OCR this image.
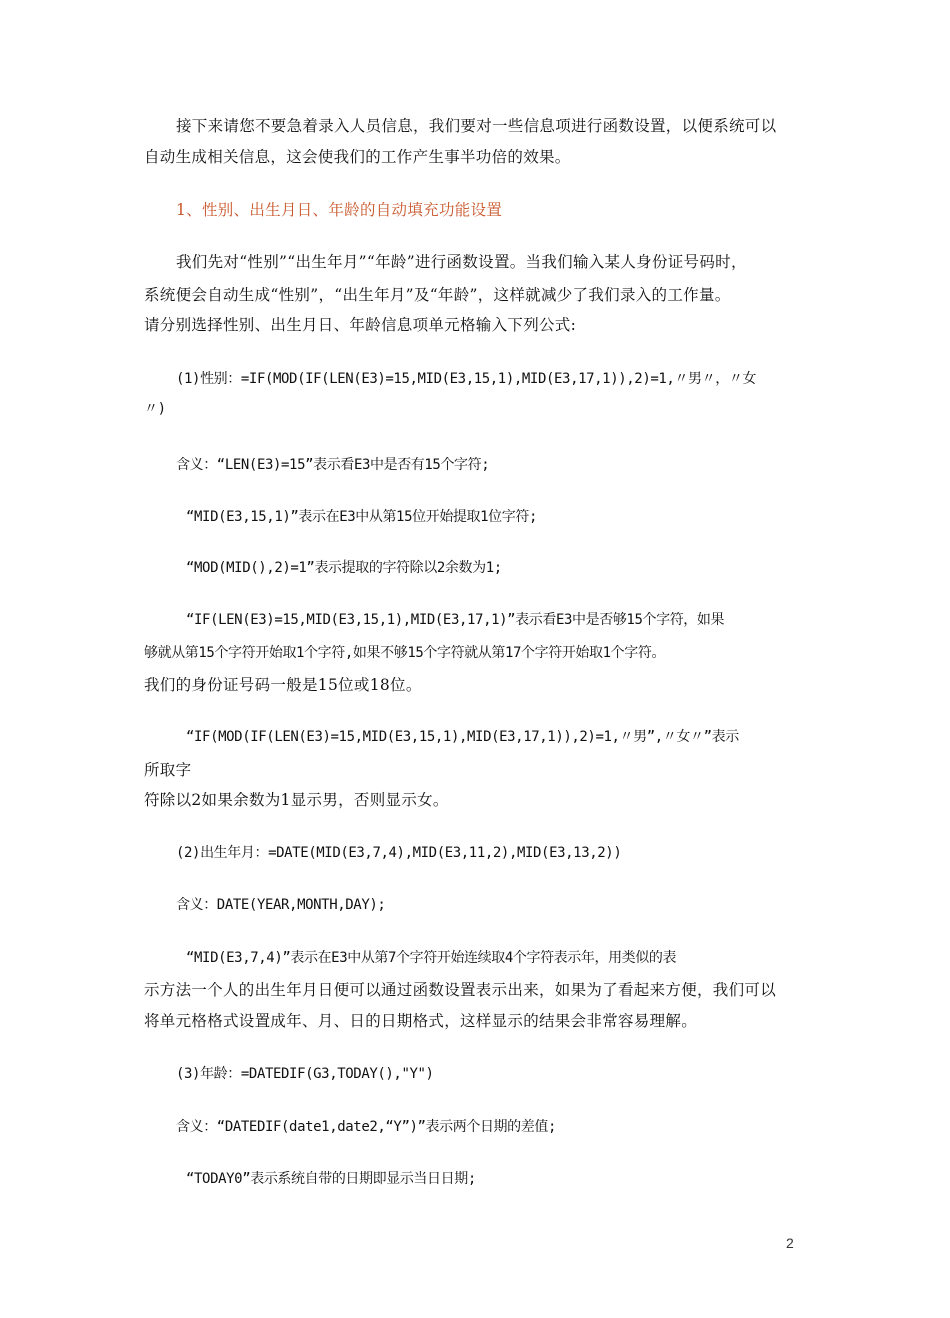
接下来请您不要急着录入人员信息，我们要对一些信息项进行函数设置，以便系统可以
自动生成相关信息，这会使我们的工作产生事半功倍的效果。
1、性别、出生月日、年龄的自动填充功能设置
我们先对“性别”“出生年月”“年龄”进行函数设置。当我们输入某人身份证号码时，
系统便会自动生成“性别”，“出生年月”及“年龄”，这样就减少了我们录入的工作量。
请分别选择性别、出生月日、年龄信息项单元格输入下列公式:
(1)性别：=IF(MOD(IF(LEN(E3)=15,MID(E3,15,1),MID(E3,17,1)),2)=1,〃男〃，〃女
〃)
含义：“LEN(E3)=15”表示看E3中是否有15个字符;
“MID(E3,15,1)”表示在E3中从第15位开始提取1位字符;
“MOD(MID(),2)=1”表示提取的字符除以2余数为1;
“IF(LEN(E3)=15,MID(E3,15,1),MID(E3,17,1)”表示看E3中是否够15个字符，如果
够就从第15个字符开始取1个字符,如果不够15个字符就从第17个字符开始取1个字符。
我们的身份证号码一般是15位或18位。
“IF(MOD(IF(LEN(E3)=15,MID(E3,15,1),MID(E3,17,1)),2)=1,〃男”,〃女〃”表示
所取字
符除以2如果余数为1显示男，否则显示女。
(2)出生年月：=DATE(MID(E3,7,4),MID(E3,11,2),MID(E3,13,2))
含义：DATE(YEAR,MONTH,DAY);
“MID(E3,7,4)”表示在E3中从第7个字符开始连续取4个字符表示年，用类似的表
示方法一个人的出生年月日便可以通过函数设置表示出来，如果为了看起来方便，我们可以
将单元格格式设置成年、月、日的日期格式，这样显示的结果会非常容易理解。
(3)年龄：=DATEDIF(G3,TODAY(),"Y")
含义：“DATEDIF(date1,date2,“Y”)”表示两个日期的差值;
“TODAY0”表示系统自带的日期即显示当日日期;
2
